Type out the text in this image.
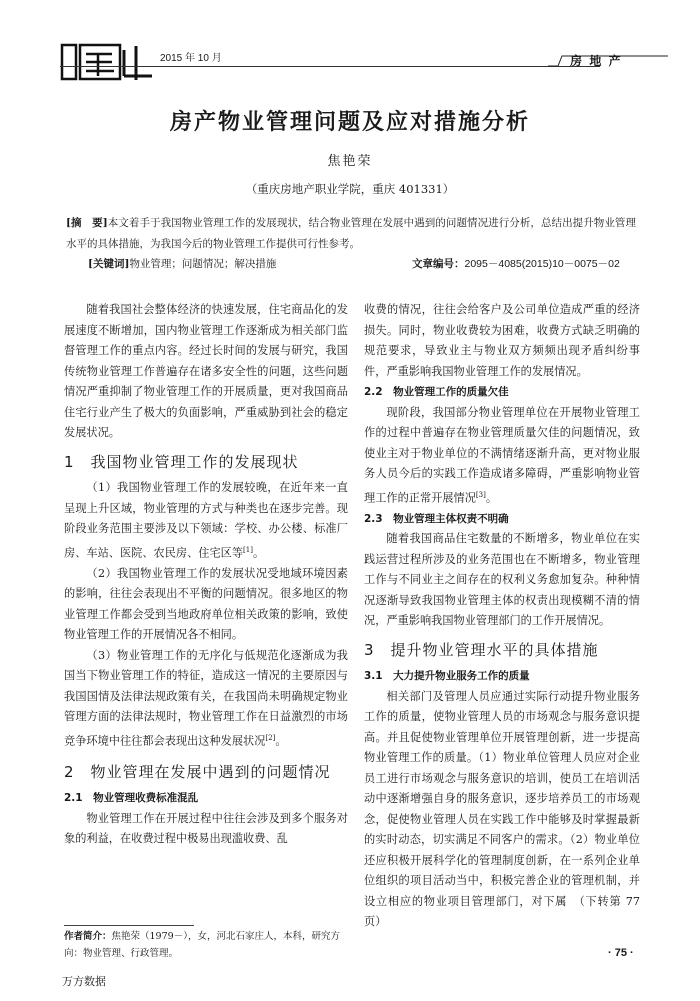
2015 年 10 月	房 地 产
房产物业管理问题及应对措施分析
焦艳荣
（重庆房地产职业学院，重庆 401331）
[摘　要]本文着手于我国物业管理工作的发展现状，结合物业管理在发展中遇到的问题情况进行分析，总结出提升物业管理水平的具体措施，为我国今后的物业管理工作提供可行性参考。
[关键词]物业管理；问题情况；解决措施	文章编号：2095－4085(2015)10－0075－02

随着我国社会整体经济的快速发展，住宅商品化的发展速度不断增加，国内物业管理工作逐渐成为相关部门监督管理工作的重点内容。经过长时间的发展与研究，我国传统物业管理工作普遍存在诸多安全性的问题，这些问题情况严重抑制了物业管理工作的开展质量，更对我国商品住宅行业产生了极大的负面影响，严重威胁到社会的稳定发展状况。

1　我国物业管理工作的发展现状

（1）我国物业管理工作的发展较晚，在近年来一直呈现上升区域，物业管理的方式与种类也在逐步完善。现阶段业务范围主要涉及以下领域：学校、办公楼、标准厂房、车站、医院、农民房、住宅区等[1]。

（2）我国物业管理工作的发展状况受地域环境因素的影响，往往会表现出不平衡的问题情况。很多地区的物业管理工作都会受到当地政府单位相关政策的影响，致使物业管理工作的开展情况各不相同。

（3）物业管理工作的无序化与低规范化逐渐成为我国当下物业管理工作的特征，造成这一情况的主要原因与我国国情及法律法规政策有关，在我国尚未明确规定物业管理方面的法律法规时，物业管理工作在日益激烈的市场竞争环境中往往都会表现出这种发展状况[2]。

2　物业管理在发展中遇到的问题情况
2.1　物业管理收费标准混乱

物业管理工作在开展过程中往往会涉及到多个服务对象的利益，在收费过程中极易出现滥收费、乱

作者简介：焦艳荣（1979－），女，河北石家庄人，本科，研究方向：物业管理、行政管理。

收费的情况，往往会给客户及公司单位造成严重的经济损失。同时，物业收费较为困难，收费方式缺乏明确的规范要求，导致业主与物业双方频频出现矛盾纠纷事件，严重影响我国物业管理工作的发展情况。

2.2　物业管理工作的质量欠佳

现阶段，我国部分物业管理单位在开展物业管理工作的过程中普遍存在物业管理质量欠佳的问题情况，致使业主对于物业单位的不满情绪逐渐升高，更对物业服务人员今后的实践工作造成诸多障碍，严重影响物业管理工作的正常开展情况[3]。

2.3　物业管理主体权责不明确

随着我国商品住宅数量的不断增多，物业单位在实践运营过程所涉及的业务范围也在不断增多，物业管理工作与不同业主之间存在的权利义务愈加复杂。种种情况逐渐导致我国物业管理主体的权责出现模糊不清的情况，严重影响我国物业管理部门的工作开展情况。

3　提升物业管理水平的具体措施
3.1　大力提升物业服务工作的质量

相关部门及管理人员应通过实际行动提升物业服务工作的质量，使物业管理人员的市场观念与服务意识提高。并且促使物业管理单位开展管理创新，进一步提高物业管理工作的质量。（1）物业单位管理人员应对企业员工进行市场观念与服务意识的培训，使员工在培训活动中逐渐增强自身的服务意识，逐步培养员工的市场观念，促使物业管理人员在实践工作中能够及时掌握最新的实时动态，切实满足不同客户的需求。（2）物业单位还应积极开展科学化的管理制度创新，在一系列企业单位组织的项目活动当中，积极完善企业的管理机制，并设立相应的物业项目管理部门，对下属　 （下转第 77 页）

· 75 ·
万方数据
